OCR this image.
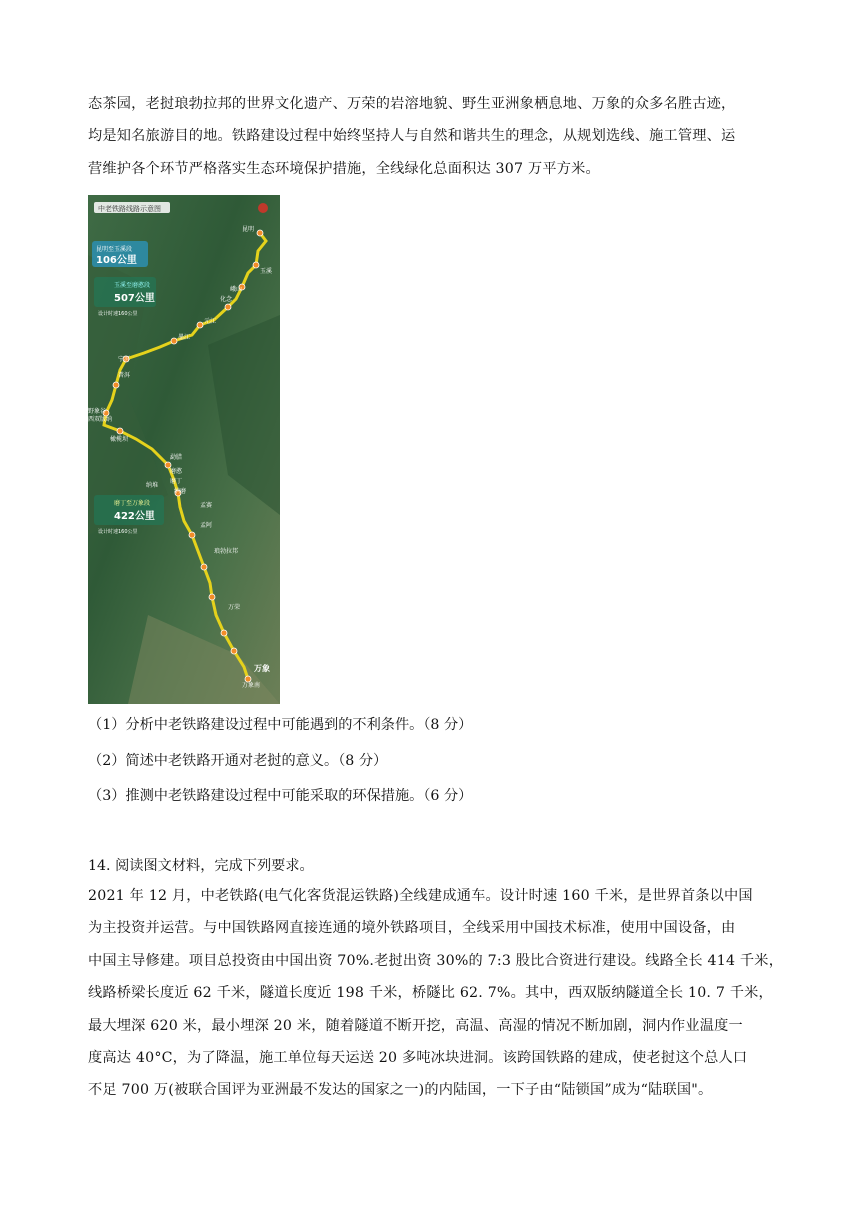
.
态茶园，老挝琅勃拉邦的世界文化遗产、万荣的岩溶地貌、野生亚洲象栖息地、万象的众多名胜古迹，
均是知名旅游目的地。铁路建设过程中始终坚持人与自然和谐共生的理念，从规划选线、施工管理、运
营维护各个环节严格落实生态环境保护措施，全线绿化总面积达 307 万平方米。
中老铁路线路示意图
昆明至玉溪段
106公里
玉溪至磨憨段
507公里
设计时速160公里
磨丁至万象段
422公里
设计时速160公里
昆明
玉溪
峨山
化念
元江
墨江
宁洱
普洱
野象谷
西双版纳
橄榄坝
勐腊
磨憨
磨丁
纳堆
纳磨
孟赛
孟阿
琅勃拉邦
万荣
万象
万象南
（1）分析中老铁路建设过程中可能遇到的不利条件。（8 分）
（2）简述中老铁路开通对老挝的意义。（8 分）
（3）推测中老铁路建设过程中可能采取的环保措施。（6 分）
14. 阅读图文材料，完成下列要求。
2021 年 12 月，中老铁路(电气化客货混运铁路)全线建成通车。设计时速 160 千米，是世界首条以中国
为主投资并运营。与中国铁路网直接连通的境外铁路项目，全线采用中国技术标准，使用中国设备，由
中国主导修建。项目总投资由中国出资 70%.老挝出资 30%的 7:3 股比合资进行建设。线路全长 414 千米，
线路桥梁长度近 62 千米，隧道长度近 198 千米，桥隧比 62. 7%。其中，西双版纳隧道全长 10. 7 千米，
最大埋深 620 米，最小埋深 20 米，随着隧道不断开挖，高温、高湿的情况不断加剧，洞内作业温度一
度高达 40°C，为了降温，施工单位每天运送 20 多吨冰块进洞。该跨国铁路的建成，使老挝这个总人口
不足 700 万(被联合国评为亚洲最不发达的国家之一)的内陆国，一下子由“陆锁国”成为“陆联国"。
